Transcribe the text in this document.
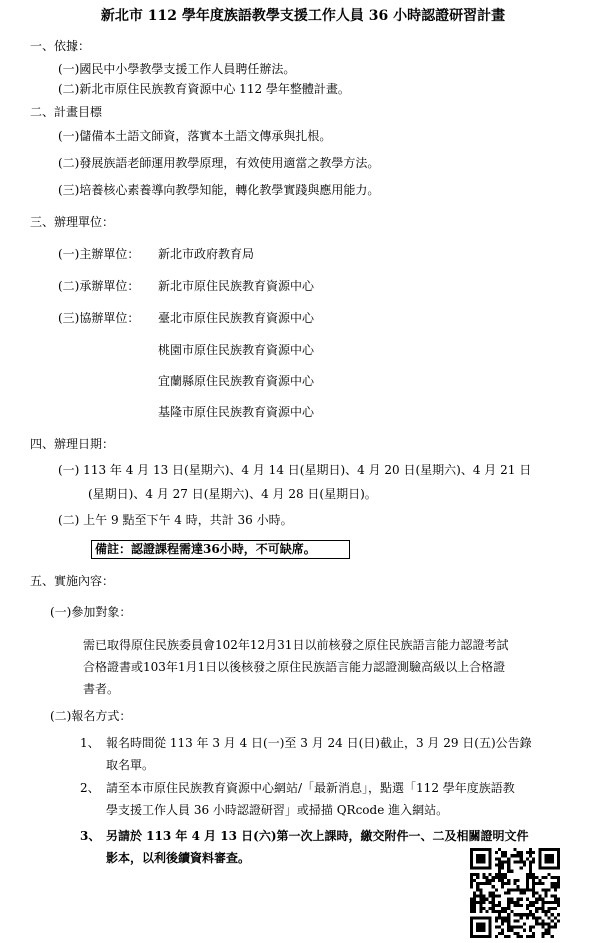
新北市 112 學年度族語教學支援工作人員 36 小時認證研習計畫
一、依據：
(一)國民中小學教學支援工作人員聘任辦法。
(二)新北市原住民族教育資源中心 112 學年整體計畫。
二、計畫目標
(一)儲備本土語文師資，落實本土語文傳承與扎根。
(二)發展族語老師運用教學原理，有效使用適當之教學方法。
(三)培養核心素養導向教學知能，轉化教學實踐與應用能力。
三、辦理單位：
(一)主辦單位： 新北市政府教育局
(二)承辦單位： 新北市原住民族教育資源中心
(三)協辦單位： 臺北市原住民族教育資源中心
桃園市原住民族教育資源中心
宜蘭縣原住民族教育資源中心
基隆市原住民族教育資源中心
四、辦理日期：
(一) 113 年 4 月 13 日(星期六)、4 月 14 日(星期日)、4 月 20 日(星期六)、4 月 21 日
(星期日)、4 月 27 日(星期六)、4 月 28 日(星期日)。
(二) 上午 9 點至下午 4 時，共計 36 小時。
備註：認證課程需達36小時，不可缺席。
五、實施內容：
(一)參加對象：
需已取得原住民族委員會102年12月31日以前核發之原住民族語言能力認證考試
合格證書或103年1月1日以後核發之原住民族語言能力認證測驗高級以上合格證
書者。
(二)報名方式：
1、 報名時間從 113 年 3 月 4 日(一)至 3 月 24 日(日)截止，3 月 29 日(五)公告錄
取名單。
2、 請至本市原住民族教育資源中心網站/「最新消息」，點選「112 學年度族語教
學支援工作人員 36 小時認證研習」或掃描 QRcode 進入網站。
3、 另請於 113 年 4 月 13 日(六)第一次上課時，繳交附件一、二及相關證明文件
影本，以利後續資料審查。
